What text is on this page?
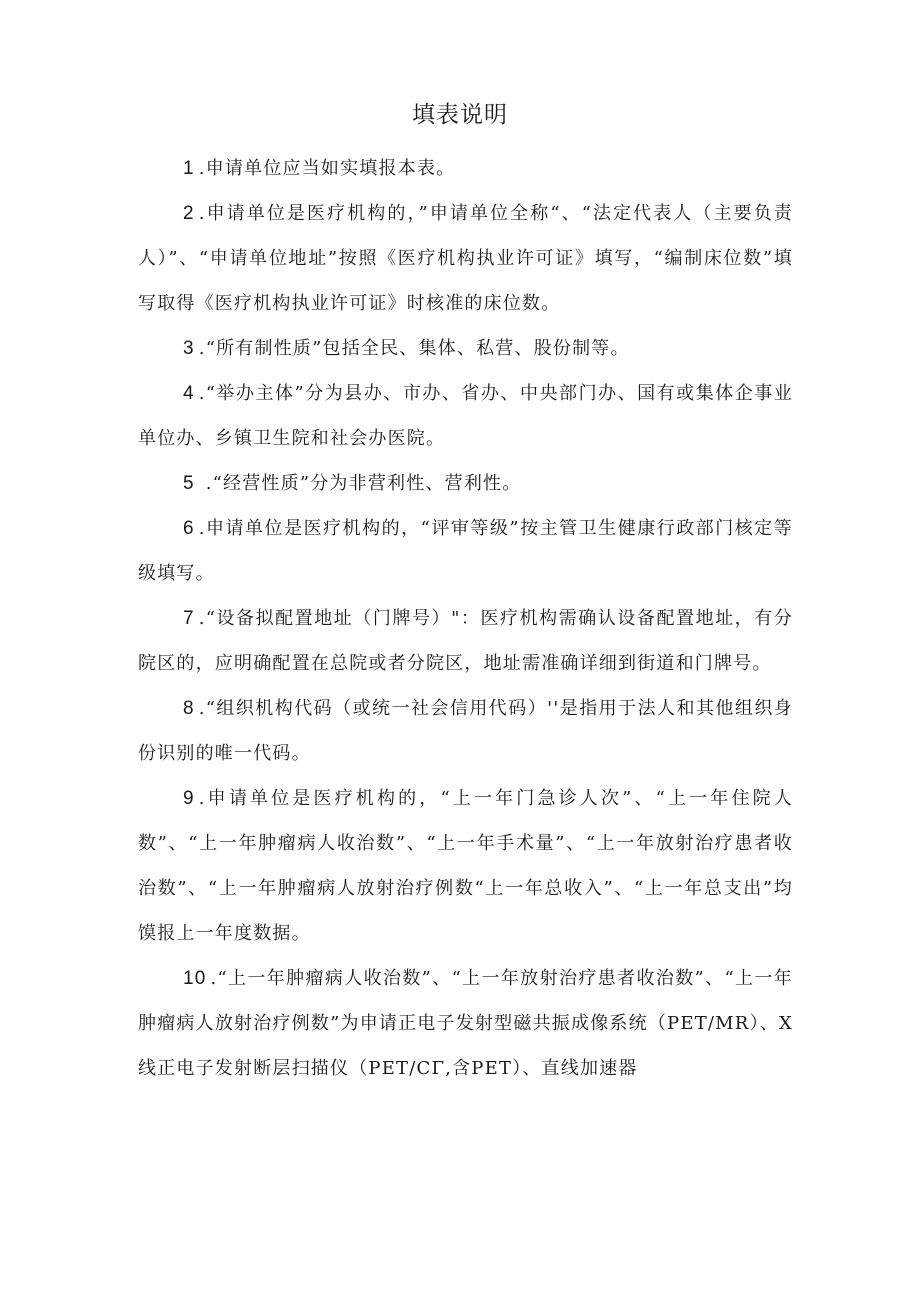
填表说明

1 .申请单位应当如实填报本表。

2 .申请单位是医疗机构的，”申请单位全称“、“法定代表人（主要负责人）”、“申请单位地址”按照《医疗机构执业许可证》填写，“编制床位数”填写取得《医疗机构执业许可证》时核准的床位数。

3 .“所有制性质”包括全民、集体、私营、股份制等。

4 .“举办主体”分为县办、市办、省办、中央部门办、国有或集体企事业单位办、乡镇卫生院和社会办医院。

5 .“经营性质”分为非营利性、营利性。

6 .申请单位是医疗机构的，“评审等级”按主管卫生健康行政部门核定等级填写。

7 .“设备拟配置地址（门牌号）"：医疗机构需确认设备配置地址，有分院区的，应明确配置在总院或者分院区，地址需准确详细到街道和门牌号。

8 .“组织机构代码（或统一社会信用代码）''是指用于法人和其他组织身份识别的唯一代码。

9 .申请单位是医疗机构的，“上一年门急诊人次”、“上一年住院人数”、“上一年肿瘤病人收治数”、“上一年手术量”、“上一年放射治疗患者收治数”、“上一年肿瘤病人放射治疗例数“上一年总收入”、“上一年总支出”均馍报上一年度数据。

10 .“上一年肿瘤病人收治数”、“上一年放射治疗患者收治数”、“上一年肿瘤病人放射治疗例数”为申请正电子发射型磁共振成像系统（PET/MR）、X线正电子发射断层扫描仪（PET/CΓ,含PET）、直线加速器
